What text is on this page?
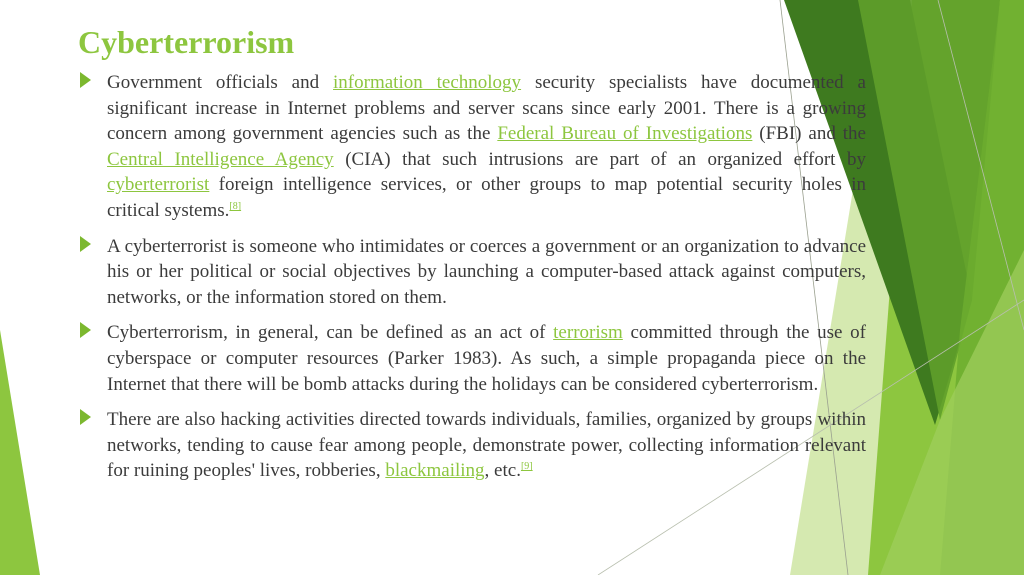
Cyberterrorism
Government officials and information technology security specialists have documented a significant increase in Internet problems and server scans since early 2001. There is a growing concern among government agencies such as the Federal Bureau of Investigations (FBI) and the Central Intelligence Agency (CIA) that such intrusions are part of an organized effort by cyberterrorist foreign intelligence services, or other groups to map potential security holes in critical systems.[8]
A cyberterrorist is someone who intimidates or coerces a government or an organization to advance his or her political or social objectives by launching a computer-based attack against computers, networks, or the information stored on them.
Cyberterrorism, in general, can be defined as an act of terrorism committed through the use of cyberspace or computer resources (Parker 1983). As such, a simple propaganda piece on the Internet that there will be bomb attacks during the holidays can be considered cyberterrorism.
There are also hacking activities directed towards individuals, families, organized by groups within networks, tending to cause fear among people, demonstrate power, collecting information relevant for ruining peoples' lives, robberies, blackmailing, etc.[9]
